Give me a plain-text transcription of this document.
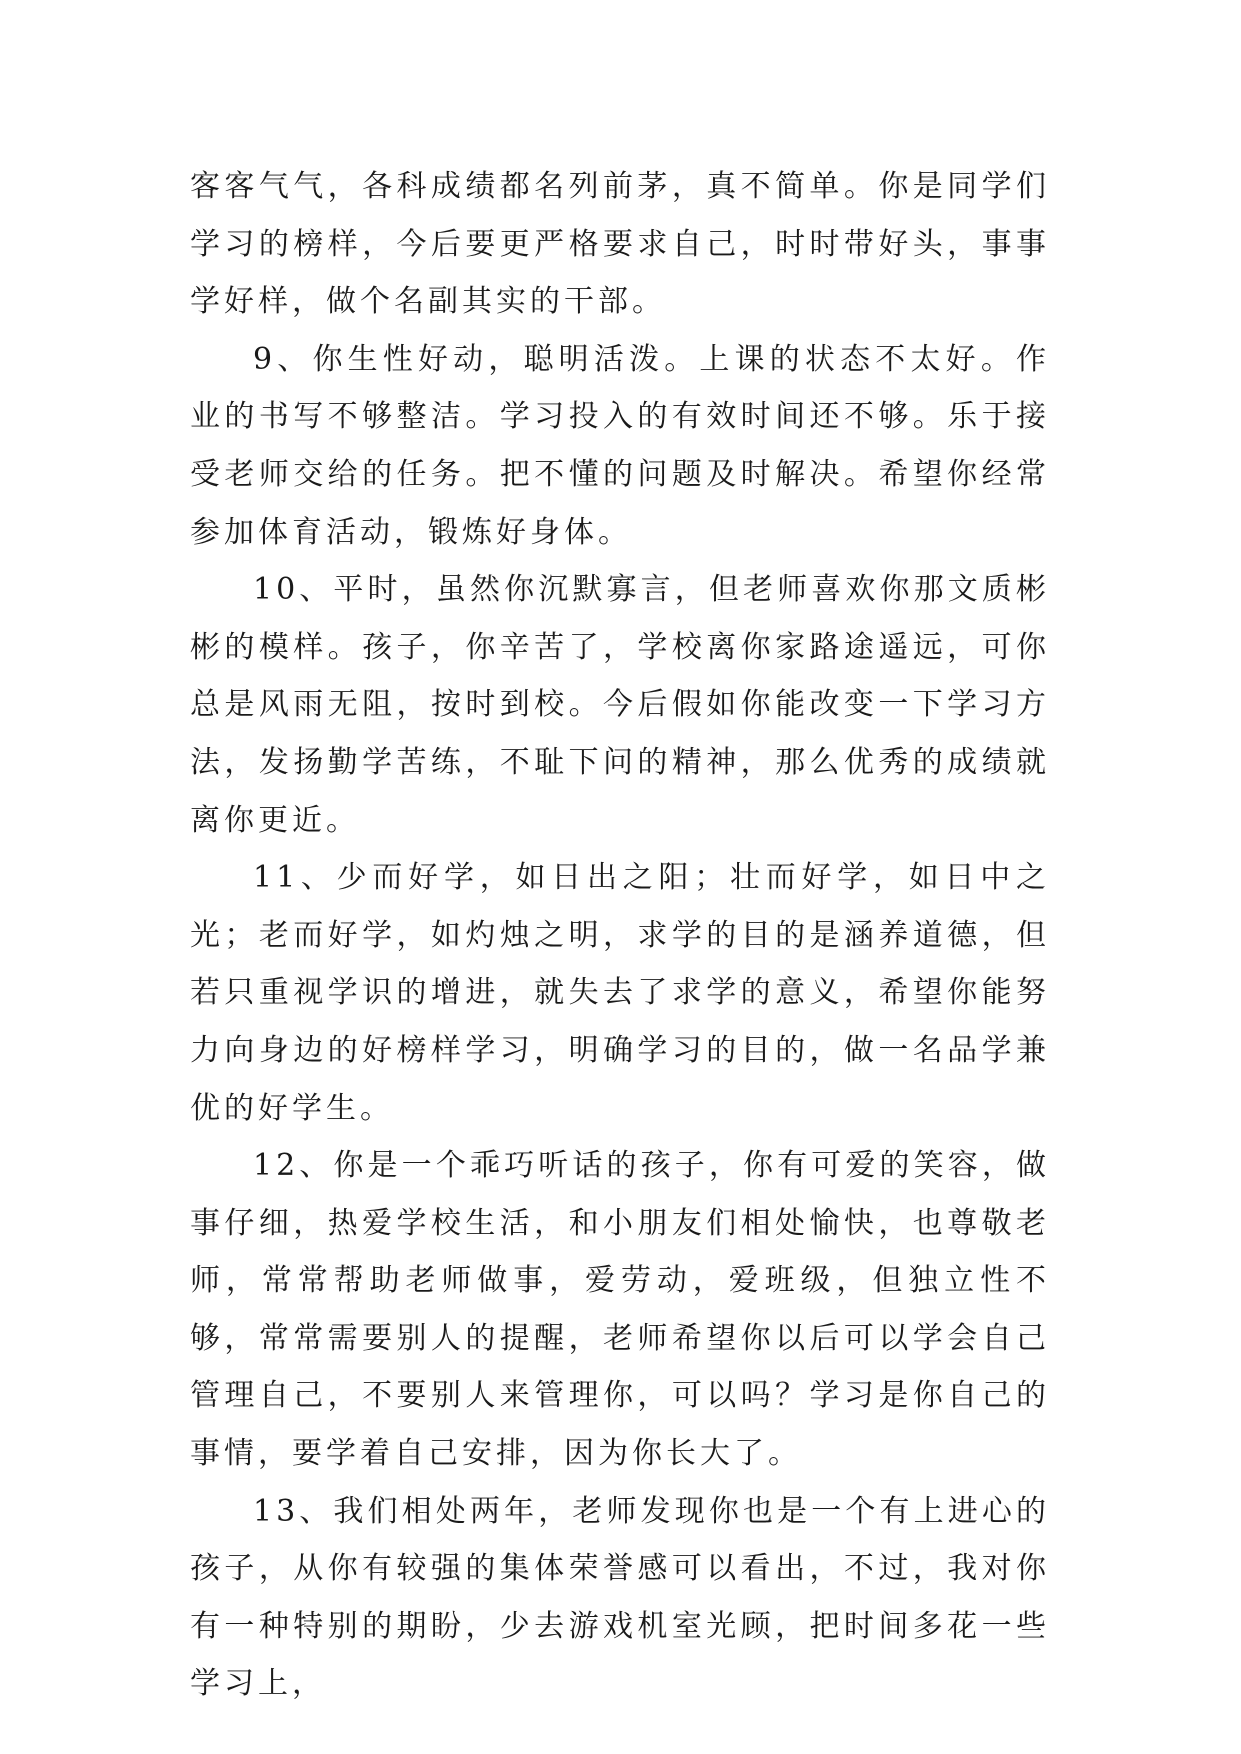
客客气气，各科成绩都名列前茅，真不简单。你是同学们学习的榜样，今后要更严格要求自己，时时带好头，事事学好样，做个名副其实的干部。

9、你生性好动，聪明活泼。上课的状态不太好。作业的书写不够整洁。学习投入的有效时间还不够。乐于接受老师交给的任务。把不懂的问题及时解决。希望你经常参加体育活动，锻炼好身体。

10、平时，虽然你沉默寡言，但老师喜欢你那文质彬彬的模样。孩子，你辛苦了，学校离你家路途遥远，可你总是风雨无阻，按时到校。今后假如你能改变一下学习方法，发扬勤学苦练，不耻下问的精神，那么优秀的成绩就离你更近。

11、少而好学，如日出之阳；壮而好学，如日中之光；老而好学，如灼烛之明，求学的目的是涵养道德，但若只重视学识的增进，就失去了求学的意义，希望你能努力向身边的好榜样学习，明确学习的目的，做一名品学兼优的好学生。

12、你是一个乖巧听话的孩子，你有可爱的笑容，做事仔细，热爱学校生活，和小朋友们相处愉快，也尊敬老师，常常帮助老师做事，爱劳动，爱班级，但独立性不够，常常需要别人的提醒，老师希望你以后可以学会自己管理自己，不要别人来管理你，可以吗？学习是你自己的事情，要学着自己安排，因为你长大了。

13、我们相处两年，老师发现你也是一个有上进心的孩子，从你有较强的集体荣誉感可以看出，不过，我对你有一种特别的期盼，少去游戏机室光顾，把时间多花一些学习上，
